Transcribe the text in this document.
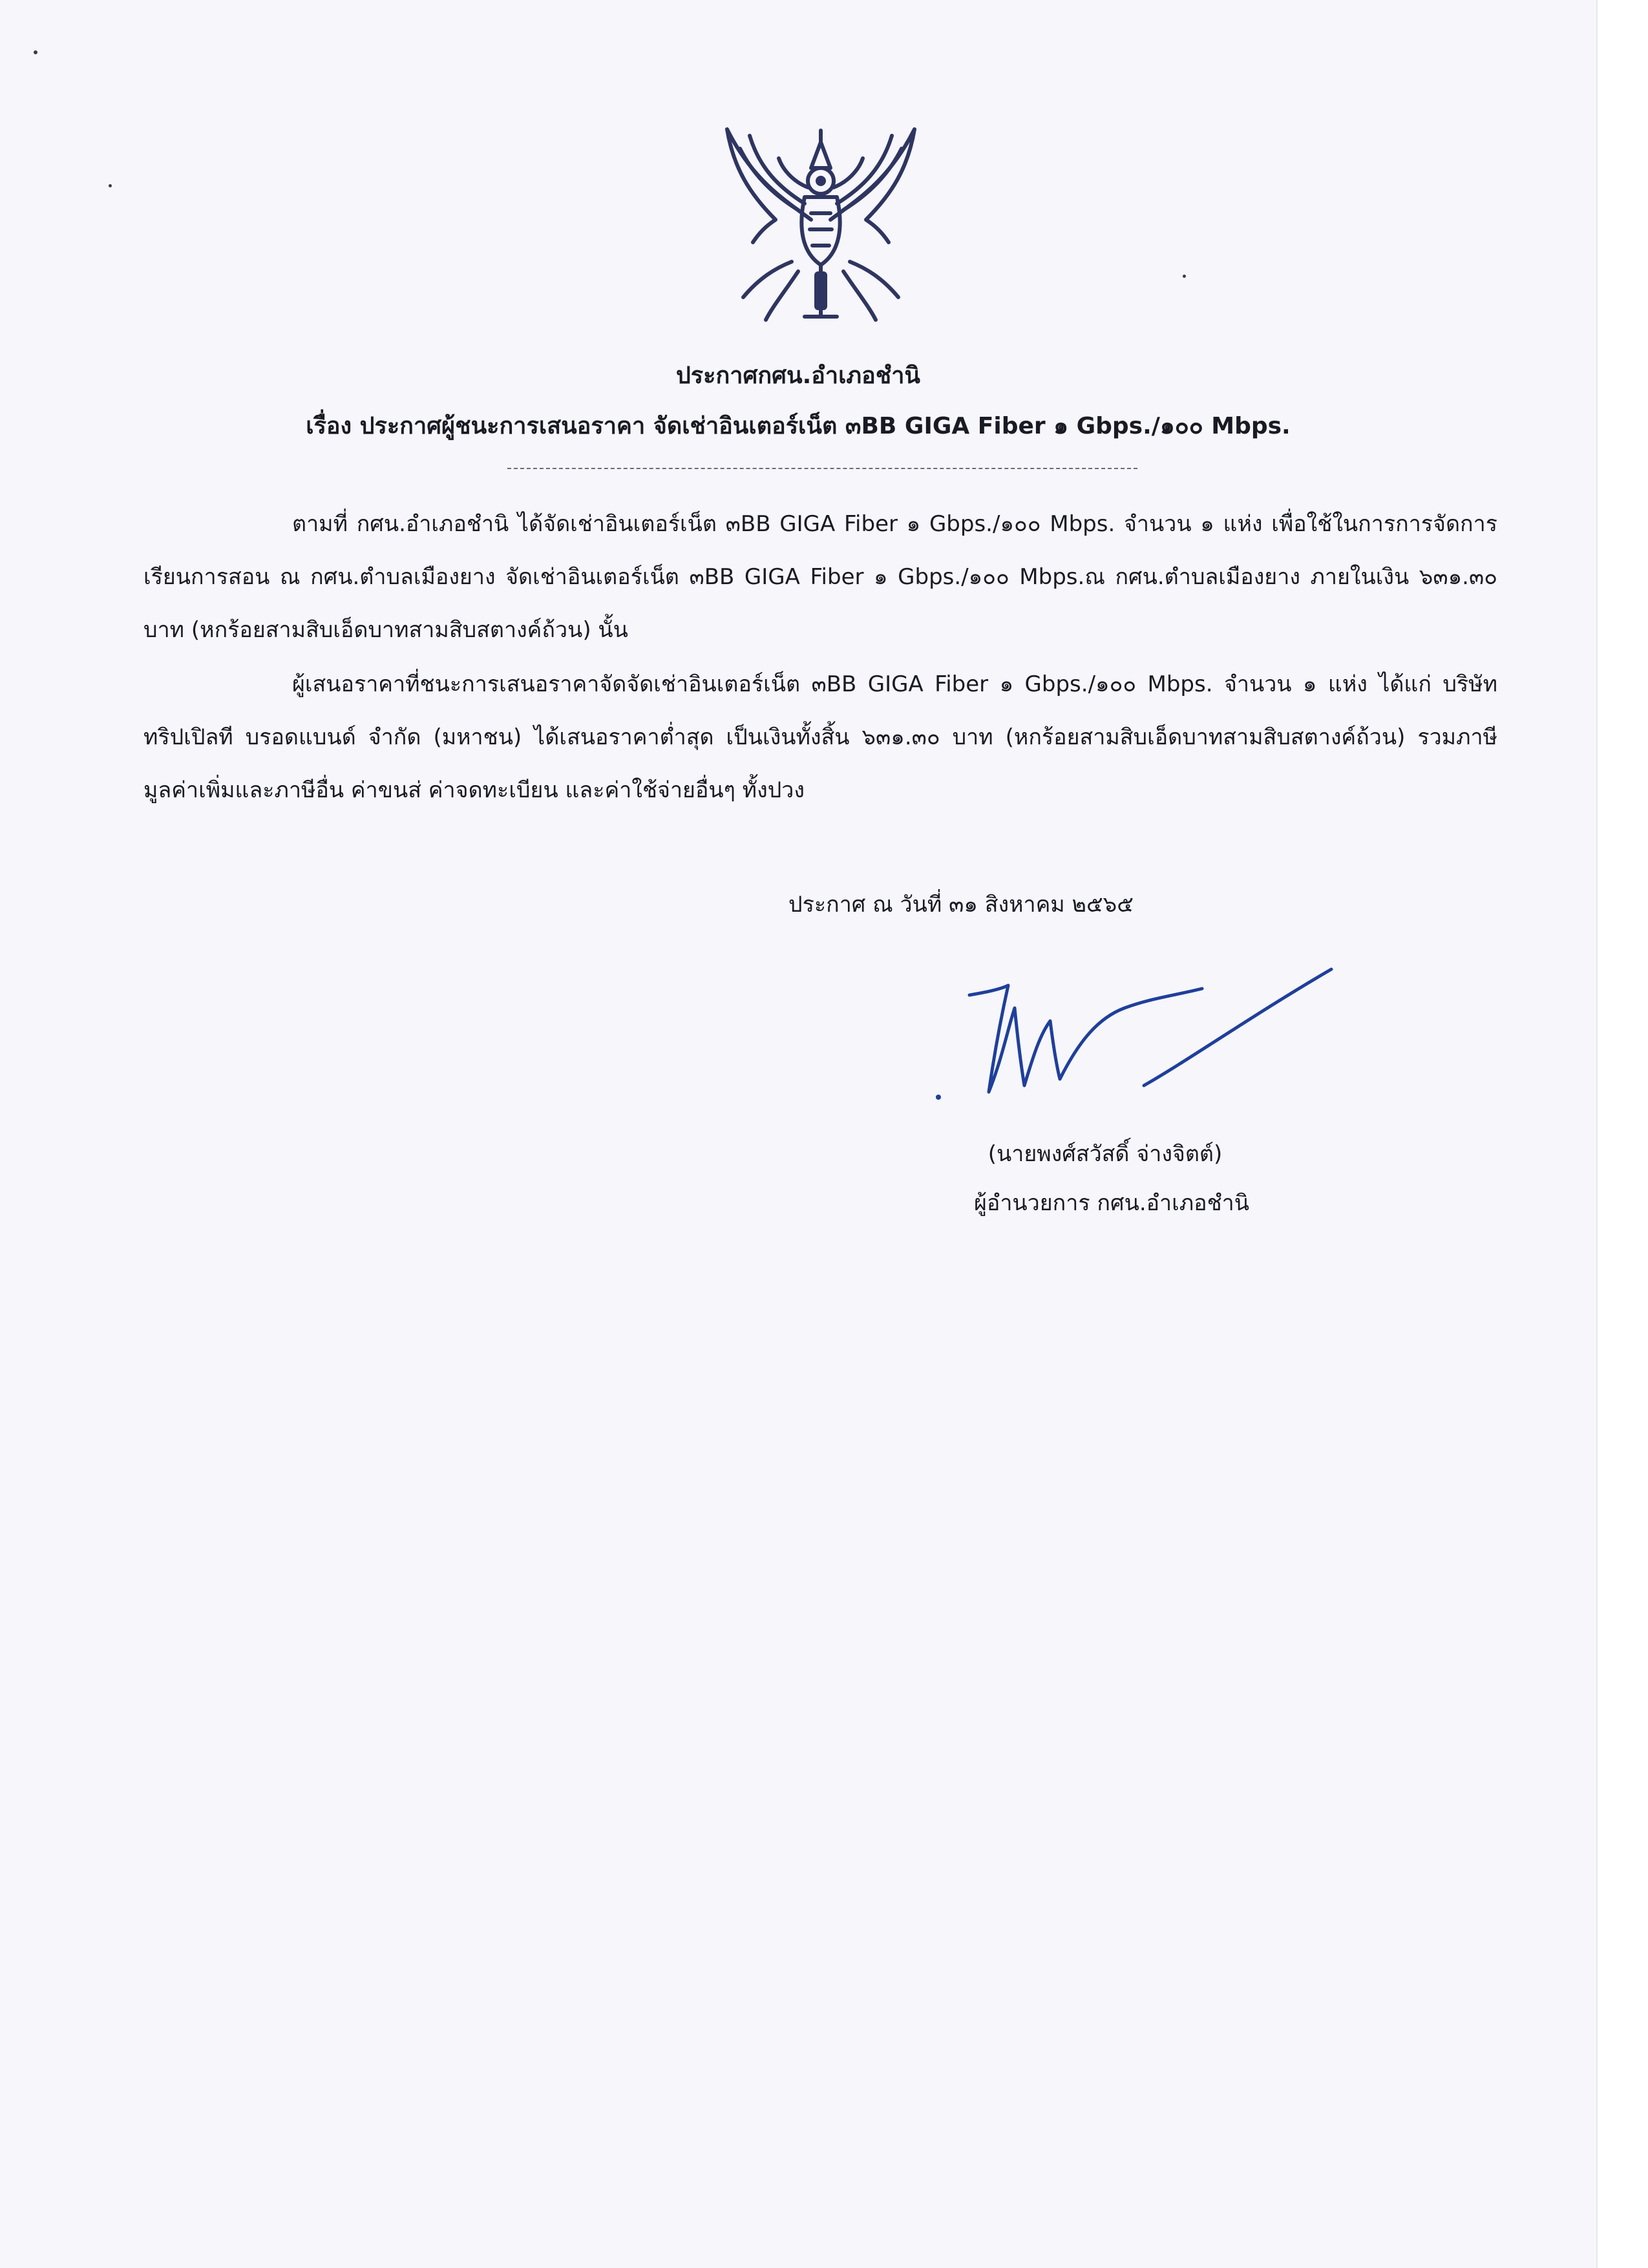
ประกาศกศน.อำเภอชำนิ
เรื่อง ประกาศผู้ชนะการเสนอราคา จัดเช่าอินเตอร์เน็ต ๓BB GIGA Fiber ๑ Gbps./๑๐๐ Mbps.
ตามที่ กศน.อำเภอชำนิ ได้จัดเช่าอินเตอร์เน็ต ๓BB GIGA Fiber ๑ Gbps./๑๐๐ Mbps. จำนวน ๑ แห่ง เพื่อใช้ในการการจัดการเรียนการสอน ณ กศน.ตำบลเมืองยาง จัดเช่าอินเตอร์เน็ต ๓BB GIGA Fiber ๑ Gbps./๑๐๐ Mbps.ณ กศน.ตำบลเมืองยาง ภายในเงิน ๖๓๑.๓๐ บาท (หกร้อยสามสิบเอ็ดบาทสามสิบสตางค์ถ้วน) นั้น
ผู้เสนอราคาที่ชนะการเสนอราคาจัดจัดเช่าอินเตอร์เน็ต ๓BB GIGA Fiber ๑ Gbps./๑๐๐ Mbps. จำนวน ๑ แห่ง ได้แก่ บริษัท ทริปเปิลที บรอดแบนด์ จำกัด (มหาชน) ได้เสนอราคาต่ำสุด เป็นเงินทั้งสิ้น ๖๓๑.๓๐ บาท (หกร้อยสามสิบเอ็ดบาทสามสิบสตางค์ถ้วน) รวมภาษีมูลค่าเพิ่มและภาษีอื่น ค่าขนส่ ค่าจดทะเบียน และค่าใช้จ่ายอื่นๆ ทั้งปวง
ประกาศ ณ วันที่ ๓๑ สิงหาคม ๒๕๖๕
(นายพงศ์สวัสดิ์ จ่างจิตต์)
ผู้อำนวยการ กศน.อำเภอชำนิ
